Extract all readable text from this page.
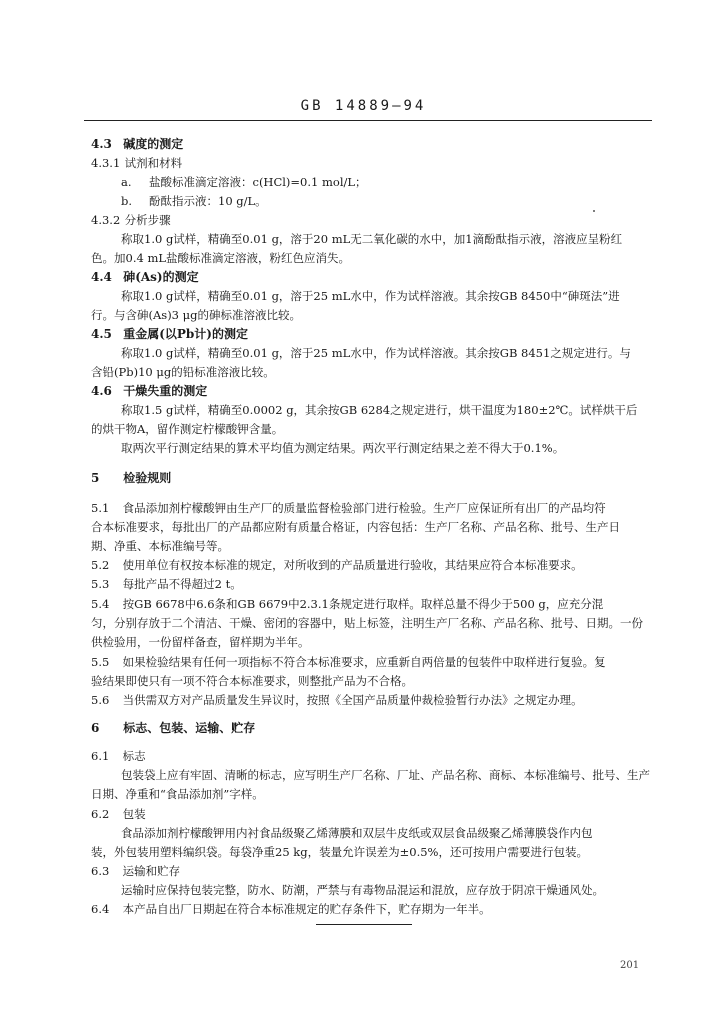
GB 14889—94
4.3 碱度的测定
4.3.1 试剂和材料
a. 盐酸标准滴定溶液：c(HCl)=0.1 mol/L；
b. 酚酞指示液：10 g/L。
4.3.2 分析步骤
称取1.0 g试样，精确至0.01 g，溶于20 mL无二氧化碳的水中，加1滴酚酞指示液，溶液应呈粉红
色。加0.4 mL盐酸标准滴定溶液，粉红色应消失。
4.4 砷(As)的测定
称取1.0 g试样，精确至0.01 g，溶于25 mL水中，作为试样溶液。其余按GB 8450中“砷斑法”进
行。与含砷(As)3 μg的砷标准溶液比较。
4.5 重金属(以Pb计)的测定
称取1.0 g试样，精确至0.01 g，溶于25 mL水中，作为试样溶液。其余按GB 8451之规定进行。与
含铅(Pb)10 μg的铅标准溶液比较。
4.6 干燥失重的测定
称取1.5 g试样，精确至0.0002 g，其余按GB 6284之规定进行，烘干温度为180±2℃。试样烘干后
的烘干物A，留作测定柠檬酸钾含量。
取两次平行测定结果的算术平均值为测定结果。两次平行测定结果之差不得大于0.1%。
5 检验规则
5.1 食品添加剂柠檬酸钾由生产厂的质量监督检验部门进行检验。生产厂应保证所有出厂的产品均符
合本标准要求，每批出厂的产品都应附有质量合格证，内容包括：生产厂名称、产品名称、批号、生产日
期、净重、本标准编号等。
5.2 使用单位有权按本标准的规定，对所收到的产品质量进行验收，其结果应符合本标准要求。
5.3 每批产品不得超过2 t。
5.4 按GB 6678中6.6条和GB 6679中2.3.1条规定进行取样。取样总量不得少于500 g，应充分混
匀，分别存放于二个清洁、干燥、密闭的容器中，贴上标签，注明生产厂名称、产品名称、批号、日期。一份
供检验用，一份留样备查，留样期为半年。
5.5 如果检验结果有任何一项指标不符合本标准要求，应重新自两倍量的包装件中取样进行复验。复
验结果即使只有一项不符合本标准要求，则整批产品为不合格。
5.6 当供需双方对产品质量发生异议时，按照《全国产品质量仲裁检验暂行办法》之规定办理。
6 标志、包装、运输、贮存
6.1 标志
包装袋上应有牢固、清晰的标志，应写明生产厂名称、厂址、产品名称、商标、本标准编号、批号、生产
日期、净重和“食品添加剂”字样。
6.2 包装
食品添加剂柠檬酸钾用内衬食品级聚乙烯薄膜和双层牛皮纸或双层食品级聚乙烯薄膜袋作内包
装，外包装用塑料编织袋。每袋净重25 kg，装量允许误差为±0.5%，还可按用户需要进行包装。
6.3 运输和贮存
运输时应保持包装完整，防水、防潮，严禁与有毒物品混运和混放，应存放于阴凉干燥通风处。
6.4 本产品自出厂日期起在符合本标准规定的贮存条件下，贮存期为一年半。
201
